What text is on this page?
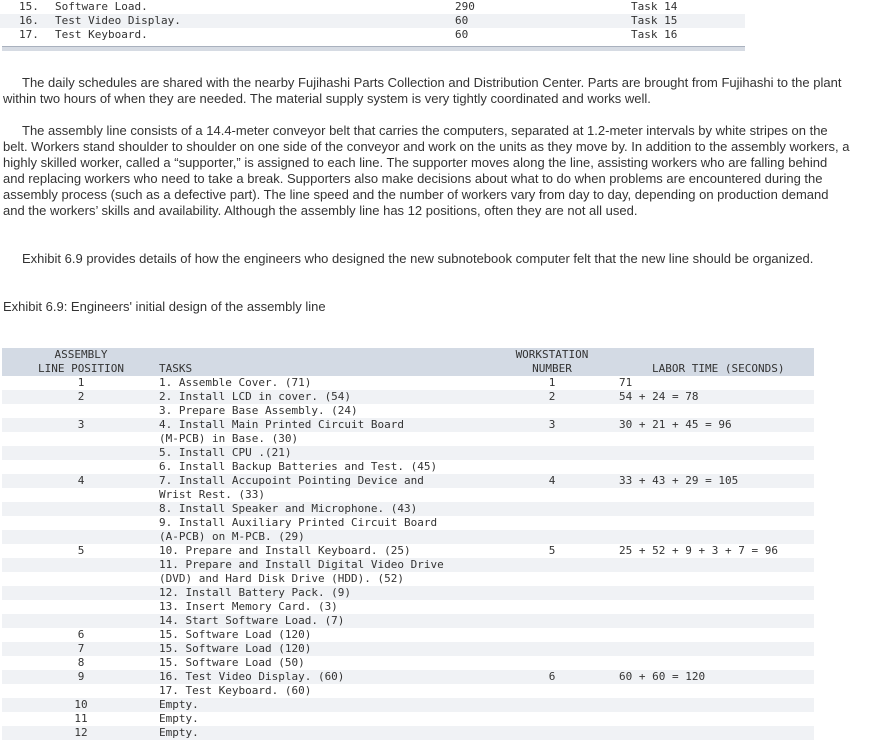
15. Software Load.	290	Task 14
16. Test Video Display.	60	Task 15
17. Test Keyboard.	60	Task 16

The daily schedules are shared with the nearby Fujihashi Parts Collection and Distribution Center. Parts are brought from Fujihashi to the plant within two hours of when they are needed. The material supply system is very tightly coordinated and works well.

The assembly line consists of a 14.4-meter conveyor belt that carries the computers, separated at 1.2-meter intervals by white stripes on the belt. Workers stand shoulder to shoulder on one side of the conveyor and work on the units as they move by. In addition to the assembly workers, a highly skilled worker, called a “supporter,” is assigned to each line. The supporter moves along the line, assisting workers who are falling behind and replacing workers who need to take a break. Supporters also make decisions about what to do when problems are encountered during the assembly process (such as a defective part). The line speed and the number of workers vary from day to day, depending on production demand and the workers’ skills and availability. Although the assembly line has 12 positions, often they are not all used.

Exhibit 6.9 provides details of how the engineers who designed the new subnotebook computer felt that the new line should be organized.

Exhibit 6.9: Engineers' initial design of the assembly line

ASSEMBLY
LINE POSITION	TASKS
WORKSTATION
NUMBER	LABOR TIME (SECONDS)
1	1. Assemble Cover. (71)	1	71
2	2. Install LCD in cover. (54)	2	54 + 24 = 78
3. Prepare Base Assembly. (24)
3	4. Install Main Printed Circuit Board	3	30 + 21 + 45 = 96
(M-PCB) in Base. (30)
5. Install CPU .(21)
6. Install Backup Batteries and Test. (45)
4	7. Install Accupoint Pointing Device and	4	33 + 43 + 29 = 105
Wrist Rest. (33)
8. Install Speaker and Microphone. (43)
9. Install Auxiliary Printed Circuit Board
(A-PCB) on M-PCB. (29)
5	10. Prepare and Install Keyboard. (25)	5	25 + 52 + 9 + 3 + 7 = 96
11. Prepare and Install Digital Video Drive
(DVD) and Hard Disk Drive (HDD). (52)
12. Install Battery Pack. (9)
13. Insert Memory Card. (3)
14. Start Software Load. (7)
6	15. Software Load (120)
7	15. Software Load (120)
8	15. Software Load (50)
9	16. Test Video Display. (60)	6	60 + 60 = 120
17. Test Keyboard. (60)
10	Empty.
11	Empty.
12	Empty.
